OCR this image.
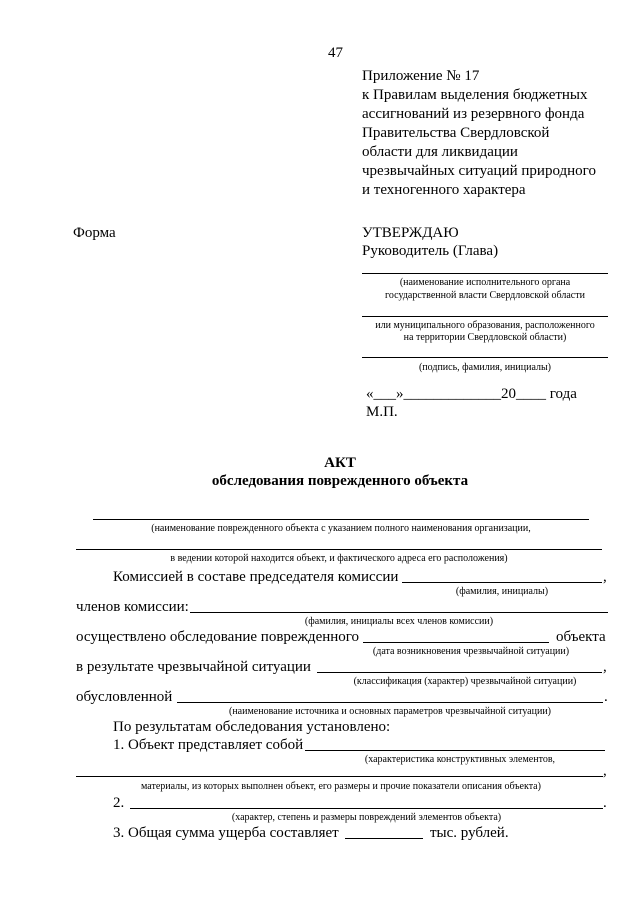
47
Приложение № 17
к Правилам выделения бюджетных
ассигнований из резервного фонда
Правительства Свердловской
области для ликвидации
чрезвычайных ситуаций природного
и техногенного характера
Форма	УТВЕРЖДАЮ
Руководитель (Глава)
(наименование исполнительного органа
государственной власти Свердловской области
или муниципального образования, расположенного
на территории Свердловской области)
(подпись, фамилия, инициалы)
«___»_____________20____ года
М.П.
АКТ
обследования поврежденного объекта
(наименование поврежденного объекта с указанием полного наименования организации,
в ведении которой находится объект, и фактического адреса его расположения)
Комиссией в составе председателя комиссии	,
(фамилия, инициалы)
членов комиссии:
(фамилия, инициалы всех членов комиссии)
осуществлено обследование поврежденного	объекта
(дата возникновения чрезвычайной ситуации)
в результате чрезвычайной ситуации	,
(классификация (характер) чрезвычайной ситуации)
обусловленной	.
(наименование источника и основных параметров чрезвычайной ситуации)
По результатам обследования установлено:
1. Объект представляет собой
(характеристика конструктивных элементов,
,
материалы, из которых выполнен объект, его размеры и прочие показатели описания объекта)
2.	.
(характер, степень и размеры повреждений элементов объекта)
3. Общая сумма ущерба составляет	тыс. рублей.
